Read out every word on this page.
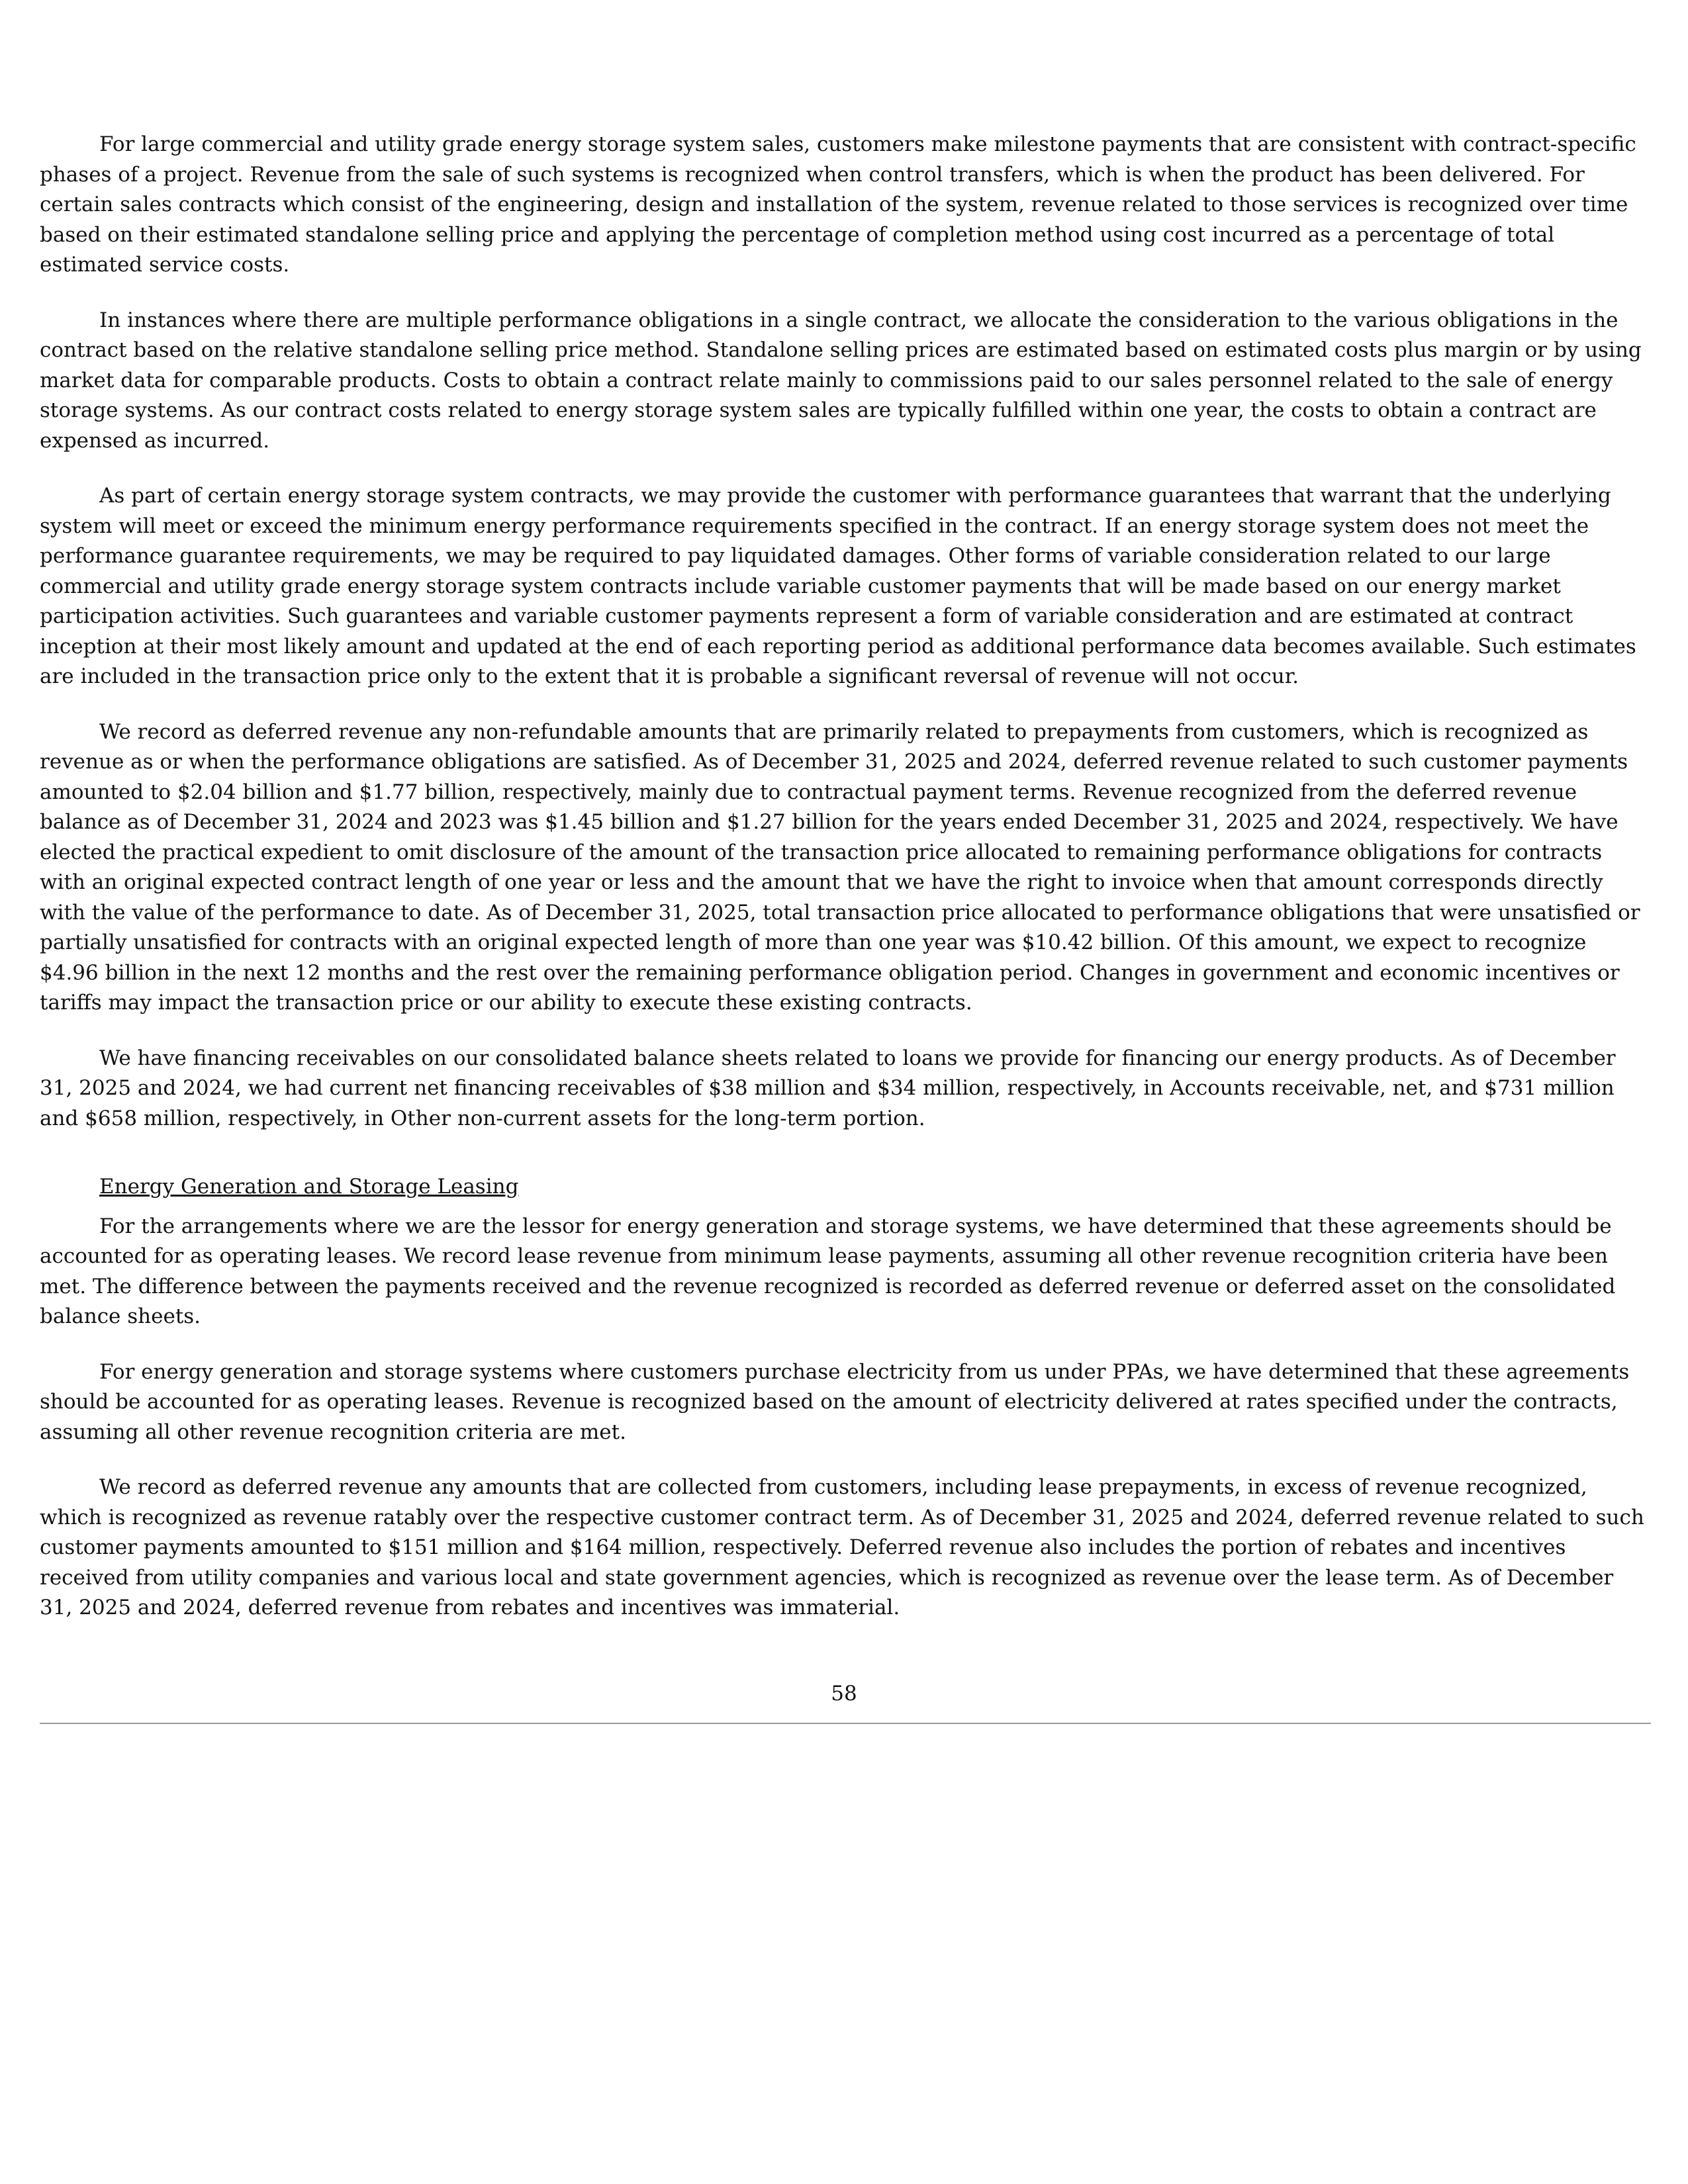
For large commercial and utility grade energy storage system sales, customers make milestone payments that are consistent with contract-specific phases of a project. Revenue from the sale of such systems is recognized when control transfers, which is when the product has been delivered. For certain sales contracts which consist of the engineering, design and installation of the system, revenue related to those services is recognized over time based on their estimated standalone selling price and applying the percentage of completion method using cost incurred as a percentage of total estimated service costs.

In instances where there are multiple performance obligations in a single contract, we allocate the consideration to the various obligations in the contract based on the relative standalone selling price method. Standalone selling prices are estimated based on estimated costs plus margin or by using market data for comparable products. Costs to obtain a contract relate mainly to commissions paid to our sales personnel related to the sale of energy storage systems. As our contract costs related to energy storage system sales are typically fulfilled within one year, the costs to obtain a contract are expensed as incurred.

As part of certain energy storage system contracts, we may provide the customer with performance guarantees that warrant that the underlying system will meet or exceed the minimum energy performance requirements specified in the contract. If an energy storage system does not meet the performance guarantee requirements, we may be required to pay liquidated damages. Other forms of variable consideration related to our large commercial and utility grade energy storage system contracts include variable customer payments that will be made based on our energy market participation activities. Such guarantees and variable customer payments represent a form of variable consideration and are estimated at contract inception at their most likely amount and updated at the end of each reporting period as additional performance data becomes available. Such estimates are included in the transaction price only to the extent that it is probable a significant reversal of revenue will not occur.

We record as deferred revenue any non-refundable amounts that are primarily related to prepayments from customers, which is recognized as revenue as or when the performance obligations are satisfied. As of December 31, 2025 and 2024, deferred revenue related to such customer payments amounted to $2.04 billion and $1.77 billion, respectively, mainly due to contractual payment terms. Revenue recognized from the deferred revenue balance as of December 31, 2024 and 2023 was $1.45 billion and $1.27 billion for the years ended December 31, 2025 and 2024, respectively. We have elected the practical expedient to omit disclosure of the amount of the transaction price allocated to remaining performance obligations for contracts with an original expected contract length of one year or less and the amount that we have the right to invoice when that amount corresponds directly with the value of the performance to date. As of December 31, 2025, total transaction price allocated to performance obligations that were unsatisfied or partially unsatisfied for contracts with an original expected length of more than one year was $10.42 billion. Of this amount, we expect to recognize $4.96 billion in the next 12 months and the rest over the remaining performance obligation period. Changes in government and economic incentives or tariffs may impact the transaction price or our ability to execute these existing contracts.

We have financing receivables on our consolidated balance sheets related to loans we provide for financing our energy products. As of December 31, 2025 and 2024, we had current net financing receivables of $38 million and $34 million, respectively, in Accounts receivable, net, and $731 million and $658 million, respectively, in Other non-current assets for the long-term portion.

Energy Generation and Storage Leasing

For the arrangements where we are the lessor for energy generation and storage systems, we have determined that these agreements should be accounted for as operating leases. We record lease revenue from minimum lease payments, assuming all other revenue recognition criteria have been met. The difference between the payments received and the revenue recognized is recorded as deferred revenue or deferred asset on the consolidated balance sheets.

For energy generation and storage systems where customers purchase electricity from us under PPAs, we have determined that these agreements should be accounted for as operating leases. Revenue is recognized based on the amount of electricity delivered at rates specified under the contracts, assuming all other revenue recognition criteria are met.

We record as deferred revenue any amounts that are collected from customers, including lease prepayments, in excess of revenue recognized, which is recognized as revenue ratably over the respective customer contract term. As of December 31, 2025 and 2024, deferred revenue related to such customer payments amounted to $151 million and $164 million, respectively. Deferred revenue also includes the portion of rebates and incentives received from utility companies and various local and state government agencies, which is recognized as revenue over the lease term. As of December 31, 2025 and 2024, deferred revenue from rebates and incentives was immaterial.

58
